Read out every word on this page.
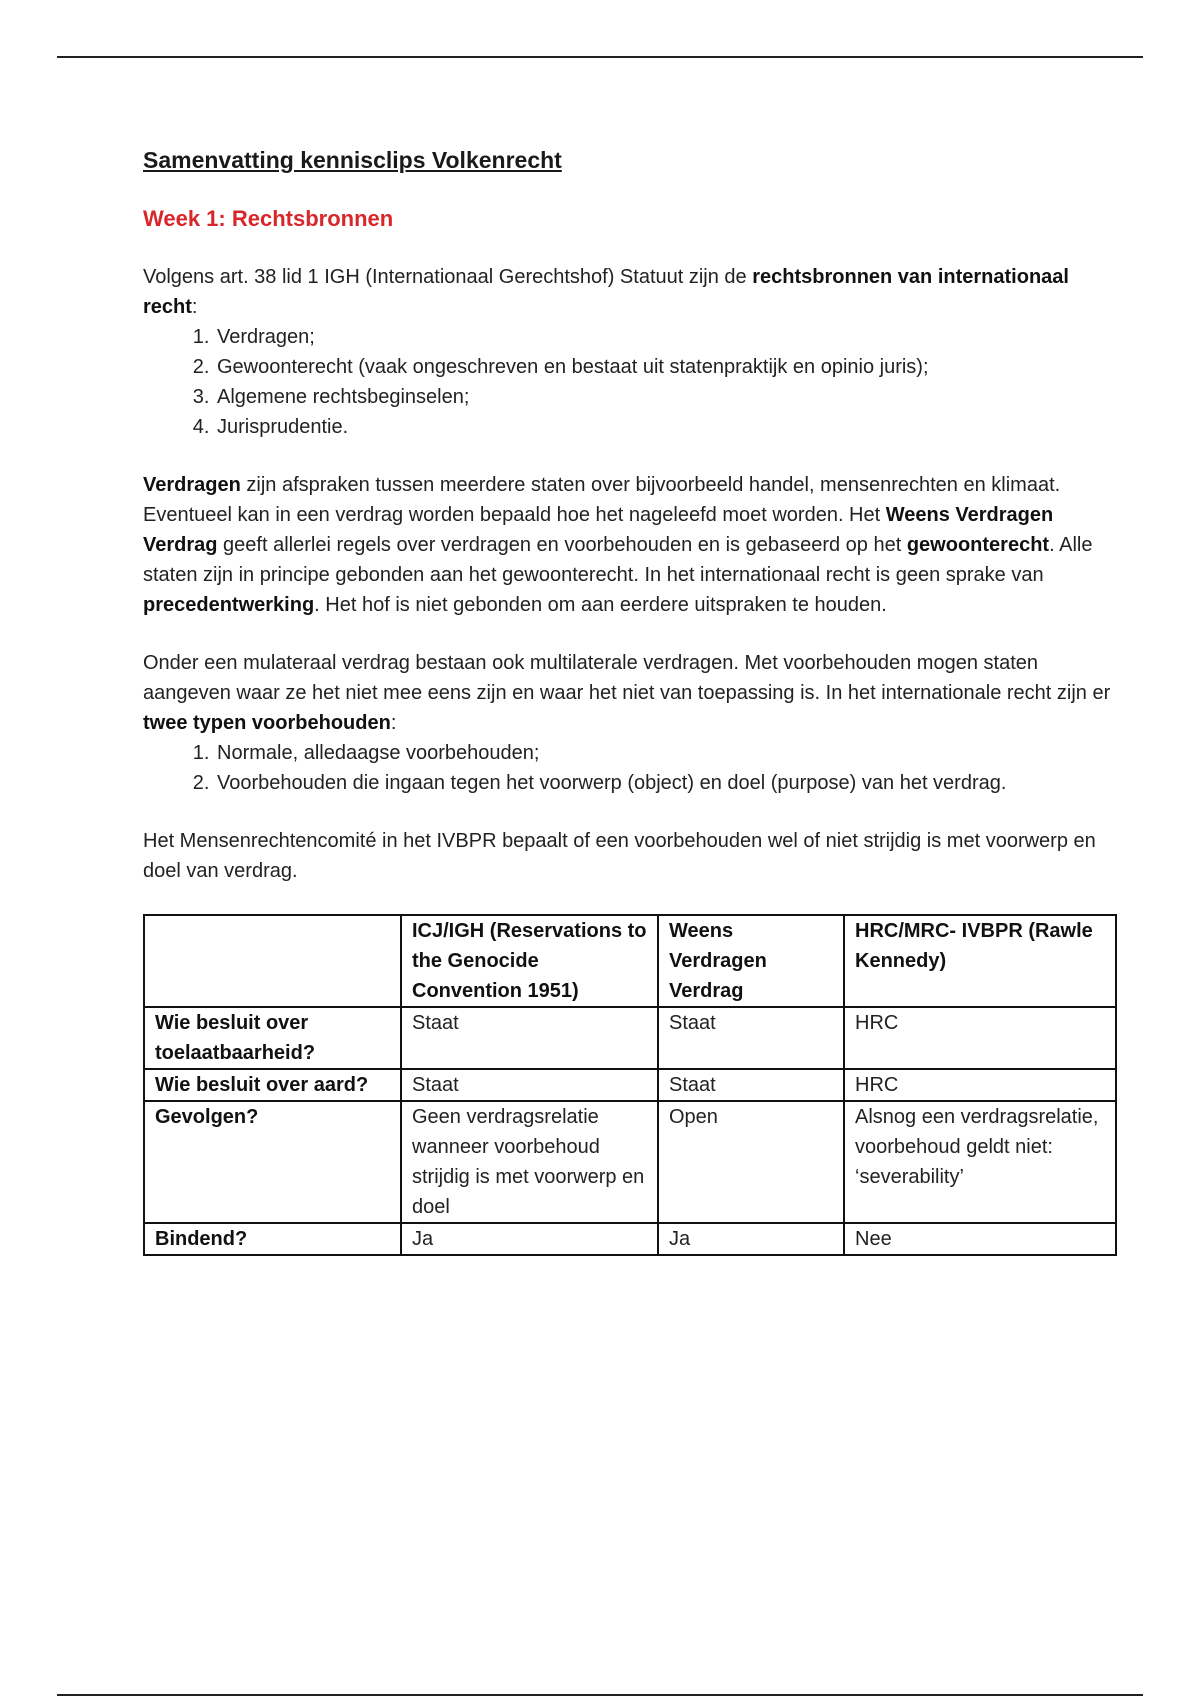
Samenvatting kennisclips Volkenrecht
Week 1: Rechtsbronnen

Volgens art. 38 lid 1 IGH (Internationaal Gerechtshof) Statuut zijn de rechtsbronnen van internationaal recht:

1. Verdragen;
2. Gewoonterecht (vaak ongeschreven en bestaat uit statenpraktijk en opinio juris);
3. Algemene rechtsbeginselen;
4. Jurisprudentie.

Verdragen zijn afspraken tussen meerdere staten over bijvoorbeeld handel, mensenrechten en klimaat. Eventueel kan in een verdrag worden bepaald hoe het nageleefd moet worden. Het Weens Verdragen Verdrag geeft allerlei regels over verdragen en voorbehouden en is gebaseerd op het gewoonterecht. Alle staten zijn in principe gebonden aan het gewoonterecht. In het internationaal recht is geen sprake van precedentwerking. Het hof is niet gebonden om aan eerdere uitspraken te houden.

Onder een mulateraal verdrag bestaan ook multilaterale verdragen. Met voorbehouden mogen staten aangeven waar ze het niet mee eens zijn en waar het niet van toepassing is. In het internationale recht zijn er twee typen voorbehouden:

1. Normale, alledaagse voorbehouden;
2. Voorbehouden die ingaan tegen het voorwerp (object) en doel (purpose) van het verdrag.

Het Mensenrechtencomité in het IVBPR bepaalt of een voorbehouden wel of niet strijdig is met voorwerp en doel van verdrag.

	ICJ/IGH (Reservations to the Genocide Convention 1951)	Weens Verdragen Verdrag	HRC/MRC- IVBPR (Rawle Kennedy)
Wie besluit over toelaatbaarheid?	Staat	Staat	HRC
Wie besluit over aard?	Staat	Staat	HRC
Gevolgen?	Geen verdragsrelatie wanneer voorbehoud strijdig is met voorwerp en doel	Open	Alsnog een verdragsrelatie, voorbehoud geldt niet: ‘severability’
Bindend?	Ja	Ja	Nee
